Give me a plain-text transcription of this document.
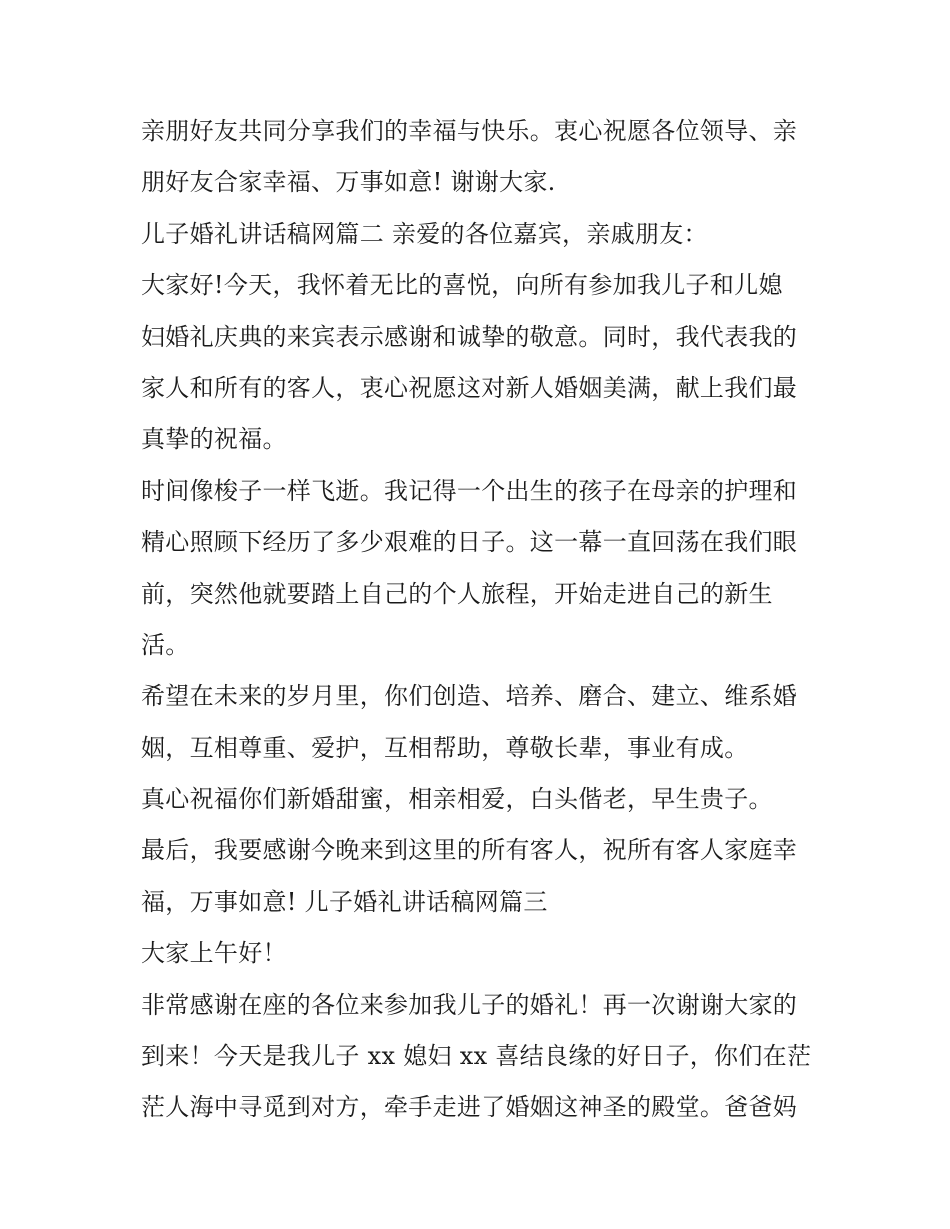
亲朋好友共同分享我们的幸福与快乐。衷心祝愿各位领导、亲
朋好友合家幸福、万事如意! 谢谢大家.
儿子婚礼讲话稿网篇二 亲爱的各位嘉宾，亲戚朋友：
大家好!今天，我怀着无比的喜悦，向所有参加我儿子和儿媳
妇婚礼庆典的来宾表示感谢和诚挚的敬意。同时，我代表我的
家人和所有的客人，衷心祝愿这对新人婚姻美满，献上我们最
真挚的祝福。
时间像梭子一样飞逝。我记得一个出生的孩子在母亲的护理和
精心照顾下经历了多少艰难的日子。这一幕一直回荡在我们眼
前，突然他就要踏上自己的个人旅程，开始走进自己的新生
活。
希望在未来的岁月里，你们创造、培养、磨合、建立、维系婚
姻，互相尊重、爱护，互相帮助，尊敬长辈，事业有成。
真心祝福你们新婚甜蜜，相亲相爱，白头偕老，早生贵子。
最后，我要感谢今晚来到这里的所有客人，祝所有客人家庭幸
福，万事如意! 儿子婚礼讲话稿网篇三
大家上午好！
非常感谢在座的各位来参加我儿子的婚礼！再一次谢谢大家的
到来！今天是我儿子 xx 媳妇 xx 喜结良缘的好日子，你们在茫
茫人海中寻觅到对方，牵手走进了婚姻这神圣的殿堂。爸爸妈
